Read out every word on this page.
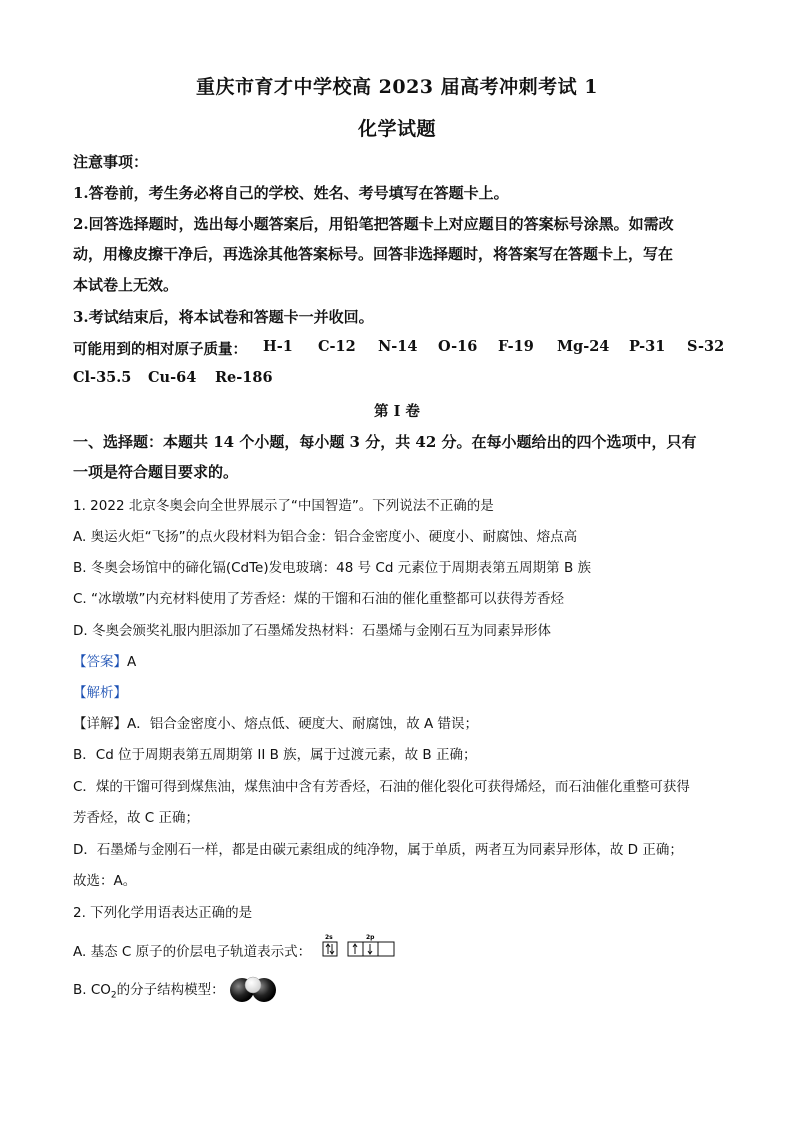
重庆市育才中学校高 2023 届高考冲刺考试 1
化学试题
注意事项：
1.答卷前，考生务必将自己的学校、姓名、考号填写在答题卡上。
2.回答选择题时，选出每小题答案后，用铅笔把答题卡上对应题目的答案标号涂黑。如需改
动，用橡皮擦干净后，再选涂其他答案标号。回答非选择题时，将答案写在答题卡上，写在
本试卷上无效。
3.考试结束后，将本试卷和答题卡一并收回。
可能用到的相对原子质量： H-1 C-12 N-14 O-16 F-19 Mg-24 P-31 S-32
Cl-35.5 Cu-64 Re-186
第 I 卷
一、选择题：本题共 14 个小题，每小题 3 分，共 42 分。在每小题给出的四个选项中，只有
一项是符合题目要求的。
1. 2022 北京冬奥会向全世界展示了“中国智造”。下列说法不正确的是
A. 奥运火炬“飞扬”的点火段材料为铝合金：铝合金密度小、硬度小、耐腐蚀、熔点高
B. 冬奥会场馆中的碲化镉(CdTe)发电玻璃：48 号 Cd 元素位于周期表第五周期第 B 族
C. “冰墩墩”内充材料使用了芳香烃：煤的干馏和石油的催化重整都可以获得芳香烃
D. 冬奥会颁奖礼服内胆添加了石墨烯发热材料：石墨烯与金刚石互为同素异形体
【答案】A
【解析】
【详解】A．铝合金密度小、熔点低、硬度大、耐腐蚀，故 A 错误；
B．Cd 位于周期表第五周期第 II B 族，属于过渡元素，故 B 正确；
C．煤的干馏可得到煤焦油，煤焦油中含有芳香烃，石油的催化裂化可获得烯烃，而石油催化重整可获得
芳香烃，故 C 正确；
D．石墨烯与金刚石一样，都是由碳元素组成的纯净物，属于单质，两者互为同素异形体，故 D 正确；
故选：A。
2. 下列化学用语表达正确的是
A. 基态 C 原子的价层电子轨道表示式：
2s	2p
B. $CO_2$的分子结构模型：
